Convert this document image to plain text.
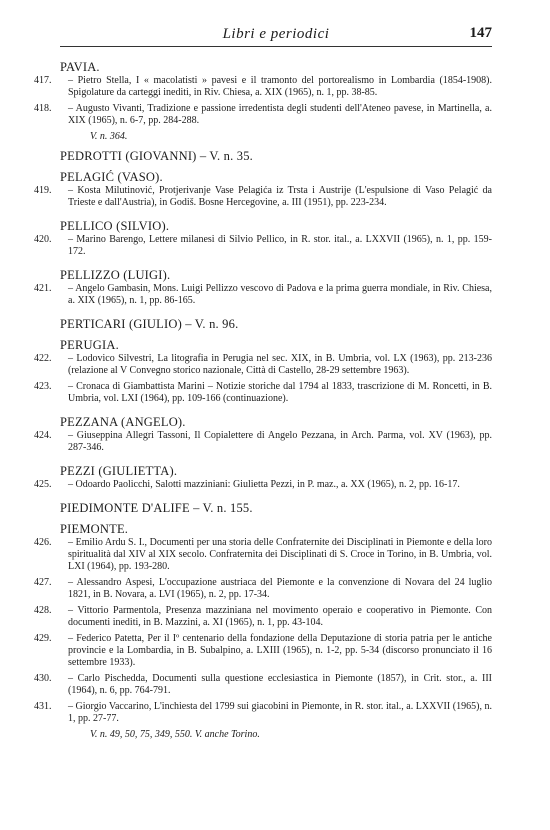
Libri e periodici	147
PAVIA.
417. – Pietro Stella, I « macolatisti » pavesi e il tramonto del portorealismo in Lombardia (1854-1908). Spigolature da carteggi inediti, in Riv. Chiesa, a. XIX (1965), n. 1, pp. 38-85.
418. – Augusto Vivanti, Tradizione e passione irredentista degli studenti dell'Ateneo pavese, in Martinella, a. XIX (1965), n. 6-7, pp. 284-288.
V. n. 364.
PEDROTTI (GIOVANNI) – V. n. 35.
PELAGIĆ (VASO).
419. – Kosta Milutinović, Protjerivanje Vase Pelagića iz Trsta i Austrije (L'espulsione di Vaso Pelagić da Trieste e dall'Austria), in Godiš. Bosne Hercegovine, a. III (1951), pp. 223-234.
PELLICO (SILVIO).
420. – Marino Barengo, Lettere milanesi di Silvio Pellico, in R. stor. ital., a. LXXVII (1965), n. 1, pp. 159-172.
PELLIZZO (LUIGI).
421. – Angelo Gambasin, Mons. Luigi Pellizzo vescovo di Padova e la prima guerra mondiale, in Riv. Chiesa, a. XIX (1965), n. 1, pp. 86-165.
PERTICARI (GIULIO) – V. n. 96.
PERUGIA.
422. – Lodovico Silvestri, La litografia in Perugia nel sec. XIX, in B. Umbria, vol. LX (1963), pp. 213-236 (relazione al V Convegno storico nazionale, Città di Castello, 28-29 settembre 1963).
423. – Cronaca di Giambattista Marini – Notizie storiche dal 1794 al 1833, trascrizione di M. Roncetti, in B. Umbria, vol. LXI (1964), pp. 109-166 (continuazione).
PEZZANA (ANGELO).
424. – Giuseppina Allegri Tassoni, Il Copialettere di Angelo Pezzana, in Arch. Parma, vol. XV (1963), pp. 287-346.
PEZZI (GIULIETTA).
425. – Odoardo Paolicchi, Salotti mazziniani: Giulietta Pezzi, in P. maz., a. XX (1965), n. 2, pp. 16-17.
PIEDIMONTE D'ALIFE – V. n. 155.
PIEMONTE.
426. – Emilio Ardu S. I., Documenti per una storia delle Confraternite dei Disciplinati in Piemonte e della loro spiritualità dal XIV al XIX secolo. Confraternita dei Disciplinati di S. Croce in Torino, in B. Umbria, vol. LXI (1964), pp. 193-280.
427. – Alessandro Aspesi, L'occupazione austriaca del Piemonte e la convenzione di Novara del 24 luglio 1821, in B. Novara, a. LVI (1965), n. 2, pp. 17-34.
428. – Vittorio Parmentola, Presenza mazziniana nel movimento operaio e cooperativo in Piemonte. Con documenti inediti, in B. Mazzini, a. XI (1965), n. 1, pp. 43-104.
429. – Federico Patetta, Per il Iº centenario della fondazione della Deputazione di storia patria per le antiche provincie e la Lombardia, in B. Subalpino, a. LXIII (1965), n. 1-2, pp. 5-34 (discorso pronunciato il 16 settembre 1933).
430. – Carlo Pischedda, Documenti sulla questione ecclesiastica in Piemonte (1857), in Crit. stor., a. III (1964), n. 6, pp. 764-791.
431. – Giorgio Vaccarino, L'inchiesta del 1799 sui giacobini in Piemonte, in R. stor. ital., a. LXXVII (1965), n. 1, pp. 27-77.
V. n. 49, 50, 75, 349, 550. V. anche Torino.
